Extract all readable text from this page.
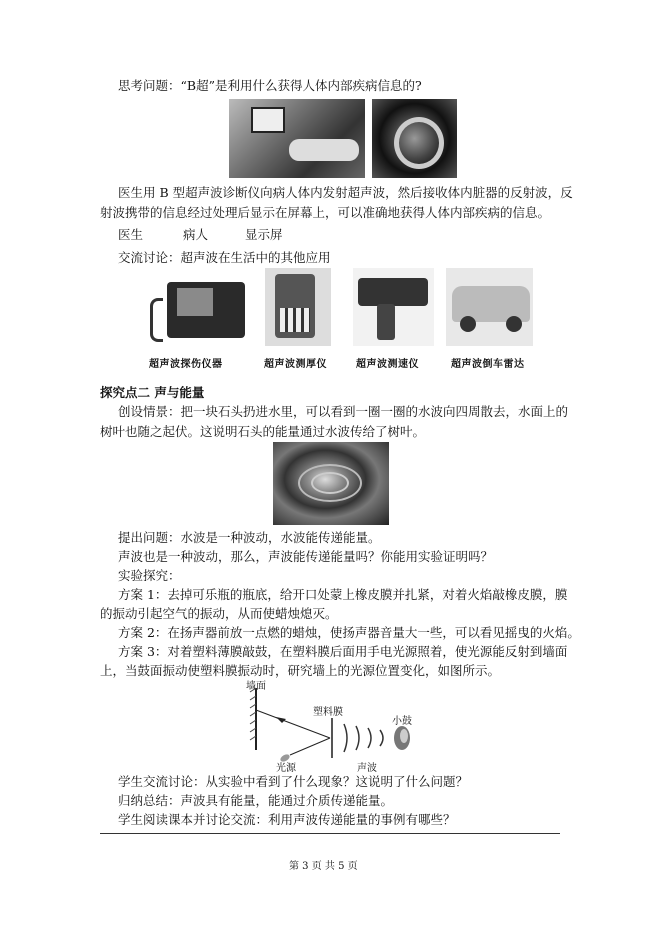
思考问题：“B超”是利用什么获得人体内部疾病信息的?
医生用 B 型超声波诊断仪向病人体内发射超声波，然后接收体内脏器的反射波，反
射波携带的信息经过处理后显示在屏幕上，可以准确地获得人体内部疾病的信息。
医生	病人	显示屏
交流讨论：超声波在生活中的其他应用
超声波探伤仪器	超声波测厚仪	超声波测速仪	超声波倒车雷达
探究点二 声与能量
创设情景：把一块石头扔进水里，可以看到一圈一圈的水波向四周散去，水面上的
树叶也随之起伏。这说明石头的能量通过水波传给了树叶。
提出问题：水波是一种波动，水波能传递能量。
声波也是一种波动，那么，声波能传递能量吗？你能用实验证明吗？
实验探究：
方案 1：去掉可乐瓶的瓶底，给开口处蒙上橡皮膜并扎紧，对着火焰敲橡皮膜，膜
的振动引起空气的振动，从而使蜡烛熄灭。
方案 2：在扬声器前放一点燃的蜡烛，使扬声器音量大一些，可以看见摇曳的火焰。
方案 3：对着塑料薄膜敲鼓，在塑料膜后面用手电光源照着，使光源能反射到墙面
上，当鼓面振动使塑料膜振动时，研究墙上的光源位置变化，如图所示。
墙面
塑料膜
小鼓
光源	声波
学生交流讨论：从实验中看到了什么现象？这说明了什么问题？
归纳总结：声波具有能量，能通过介质传递能量。
学生阅读课本并讨论交流：利用声波传递能量的事例有哪些？
第 3 页 共 5 页
